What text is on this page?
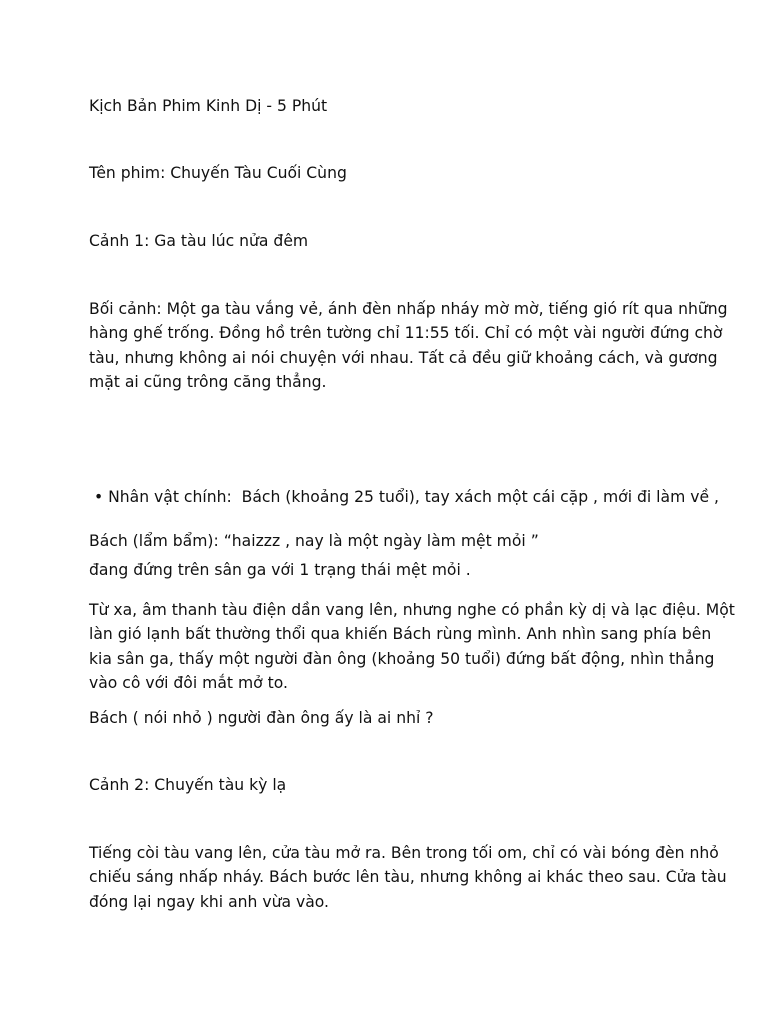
Kịch Bản Phim Kinh Dị - 5 Phút

Tên phim: Chuyến Tàu Cuối Cùng

Cảnh 1: Ga tàu lúc nửa đêm

Bối cảnh: Một ga tàu vắng vẻ, ánh đèn nhấp nháy mờ mờ, tiếng gió rít qua những
hàng ghế trống. Đồng hồ trên tường chỉ 11:55 tối. Chỉ có một vài người đứng chờ
tàu, nhưng không ai nói chuyện với nhau. Tất cả đều giữ khoảng cách, và gương
mặt ai cũng trông căng thẳng.

• Nhân vật chính:  Bách (khoảng 25 tuổi), tay xách một cái cặp , mới đi làm về ,

đang đứng trên sân ga với 1 trạng thái mệt mỏi .

Bách (lẩm bẩm): “haizzz , nay là một ngày làm mệt mỏi ”

Từ xa, âm thanh tàu điện dần vang lên, nhưng nghe có phần kỳ dị và lạc điệu. Một
làn gió lạnh bất thường thổi qua khiến Bách rùng mình. Anh nhìn sang phía bên
kia sân ga, thấy một người đàn ông (khoảng 50 tuổi) đứng bất động, nhìn thẳng
vào cô với đôi mắt mở to.

Bách ( nói nhỏ ) người đàn ông ấy là ai nhỉ ?

Cảnh 2: Chuyến tàu kỳ lạ

Tiếng còi tàu vang lên, cửa tàu mở ra. Bên trong tối om, chỉ có vài bóng đèn nhỏ
chiếu sáng nhấp nháy. Bách bước lên tàu, nhưng không ai khác theo sau. Cửa tàu
đóng lại ngay khi anh vừa vào.
